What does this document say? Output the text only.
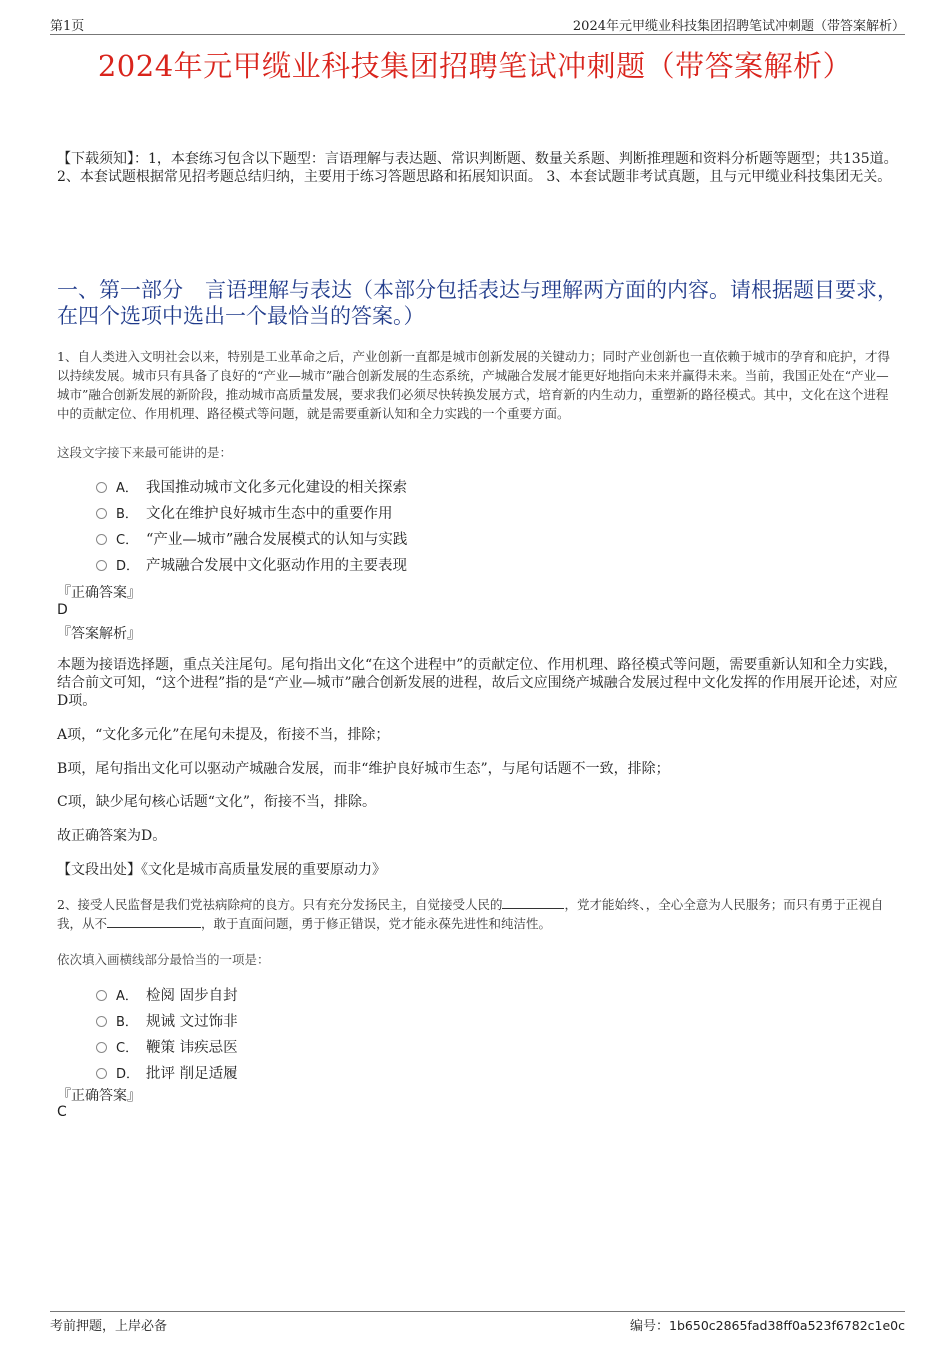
第1页	2024年元甲缆业科技集团招聘笔试冲刺题（带答案解析）
2024年元甲缆业科技集团招聘笔试冲刺题（带答案解析）
【下载须知】：1，本套练习包含以下题型：言语理解与表达题、常识判断题、数量关系题、判断推理题和资料分析题等题型；共135道。 2、本套试题根据常见招考题总结归纳，主要用于练习答题思路和拓展知识面。 3、本套试题非考试真题，且与元甲缆业科技集团无关。
一、第一部分 言语理解与表达（本部分包括表达与理解两方面的内容。请根据题目要求，在四个选项中选出一个最恰当的答案。）
1、自人类进入文明社会以来，特别是工业革命之后，产业创新一直都是城市创新发展的关键动力；同时产业创新也一直依赖于城市的孕育和庇护，才得以持续发展。城市只有具备了良好的“产业—城市”融合创新发展的生态系统，产城融合发展才能更好地指向未来并赢得未来。当前，我国正处在“产业—城市”融合创新发展的新阶段，推动城市高质量发展，要求我们必须尽快转换发展方式，培育新的内生动力，重塑新的路径模式。其中，文化在这个进程中的贡献定位、作用机理、路径模式等问题，就是需要重新认知和全力实践的一个重要方面。
这段文字接下来最可能讲的是：
A． 我国推动城市文化多元化建设的相关探索
B． 文化在维护良好城市生态中的重要作用
C． “产业—城市”融合发展模式的认知与实践
D． 产城融合发展中文化驱动作用的主要表现
『正确答案』
D
『答案解析』
本题为接语选择题，重点关注尾句。尾句指出文化“在这个进程中”的贡献定位、作用机理、路径模式等问题，需要重新认知和全力实践，结合前文可知，“这个进程”指的是“产业—城市”融合创新发展的进程，故后文应围绕产城融合发展过程中文化发挥的作用展开论述，对应D项。
A项，“文化多元化”在尾句未提及，衔接不当，排除；
B项，尾句指出文化可以驱动产城融合发展，而非“维护良好城市生态”，与尾句话题不一致，排除；
C项，缺少尾句核心话题“文化”，衔接不当，排除。
故正确答案为D。
【文段出处】《文化是城市高质量发展的重要原动力》
2、接受人民监督是我们党祛病除疴的良方。只有充分发扬民主，自觉接受人民的	，党才能始终、，全心全意为人民服务；而只有勇于正视自我，从不	，敢于直面问题，勇于修正错误，党才能永葆先进性和纯洁性。
依次填入画横线部分最恰当的一项是：
A． 检阅 固步自封
B． 规诫 文过饰非
C． 鞭策 讳疾忌医
D． 批评 削足适履
『正确答案』
C
考前押题，上岸必备	编号：1b650c2865fad38ff0a523f6782c1e0c
